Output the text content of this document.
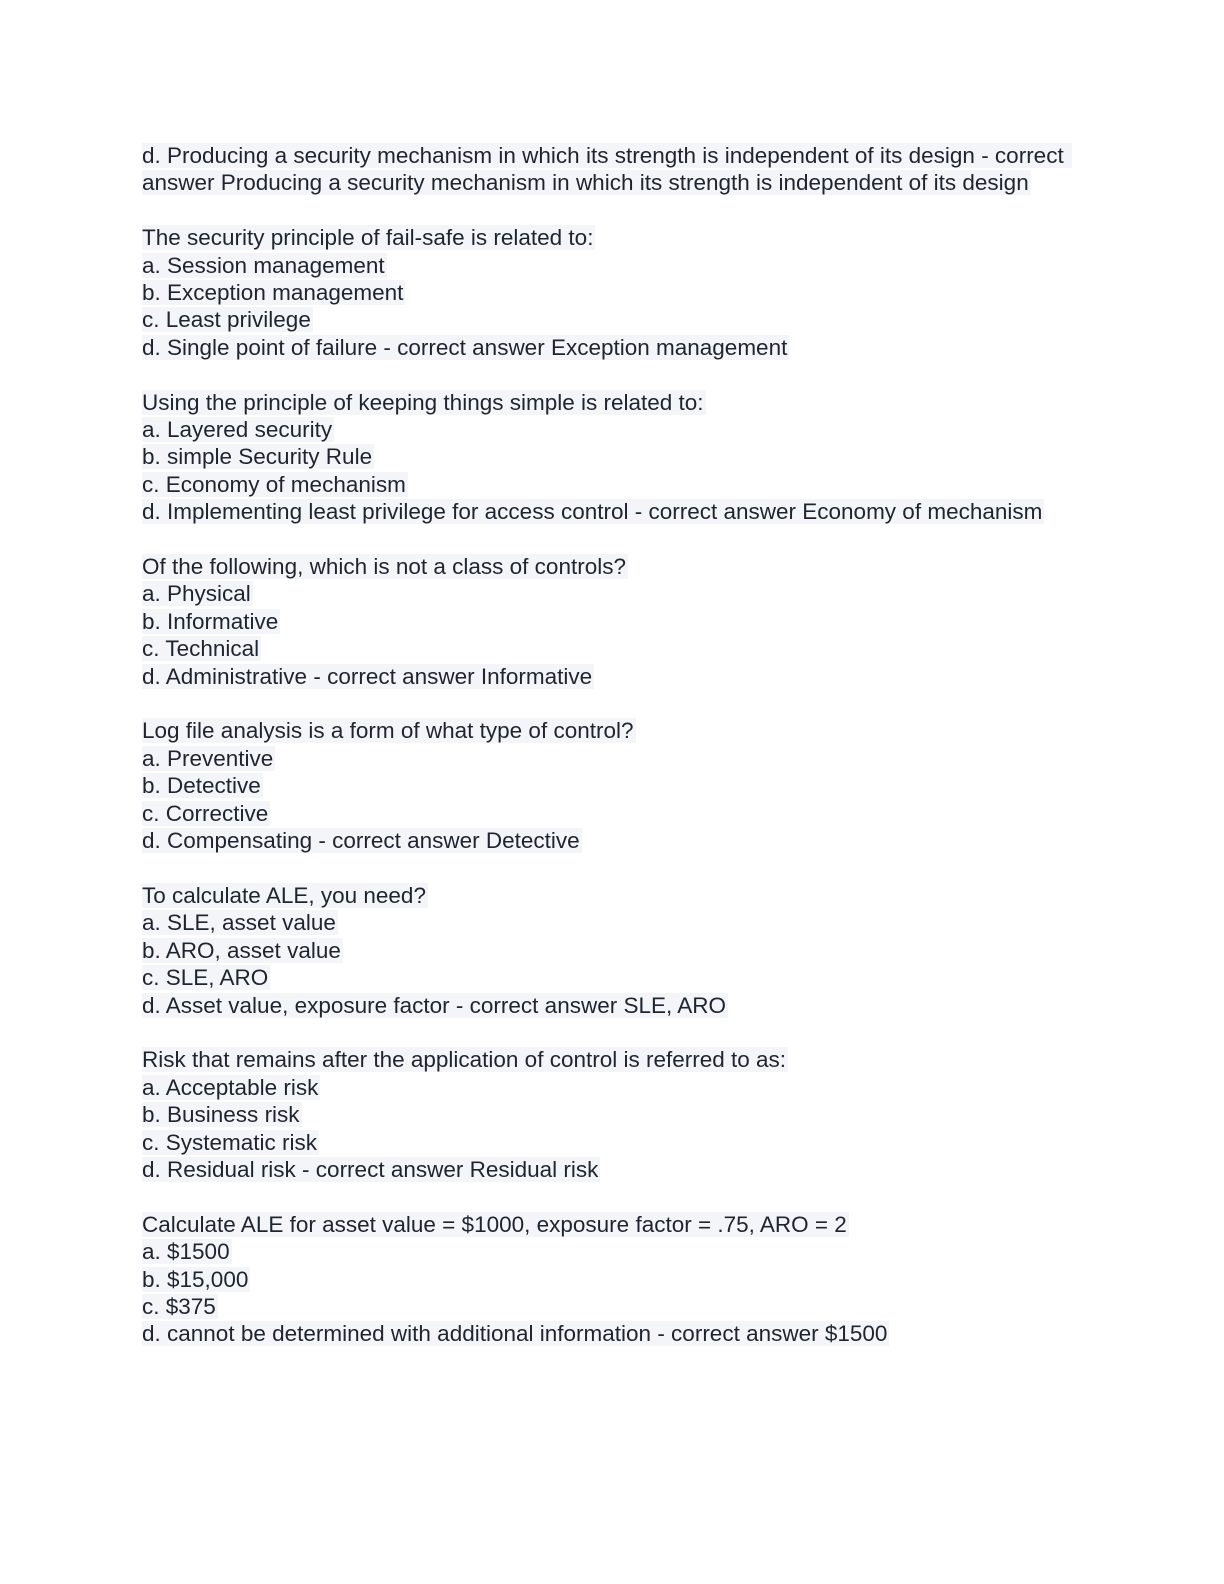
d. Producing a security mechanism in which its strength is independent of its design - correct answer Producing a security mechanism in which its strength is independent of its design
The security principle of fail-safe is related to:
a. Session management
b. Exception management
c. Least privilege
d. Single point of failure - correct answer Exception management
Using the principle of keeping things simple is related to:
a. Layered security
b. simple Security Rule
c. Economy of mechanism
d. Implementing least privilege for access control - correct answer Economy of mechanism
Of the following, which is not a class of controls?
a. Physical
b. Informative
c. Technical
d. Administrative - correct answer Informative
Log file analysis is a form of what type of control?
a. Preventive
b. Detective
c. Corrective
d. Compensating - correct answer Detective
To calculate ALE, you need?
a. SLE, asset value
b. ARO, asset value
c. SLE, ARO
d. Asset value, exposure factor - correct answer SLE, ARO
Risk that remains after the application of control is referred to as:
a. Acceptable risk
b. Business risk
c. Systematic risk
d. Residual risk - correct answer Residual risk
Calculate ALE for asset value = $1000, exposure factor = .75, ARO = 2
a. $1500
b. $15,000
c. $375
d. cannot be determined with additional information - correct answer $1500
